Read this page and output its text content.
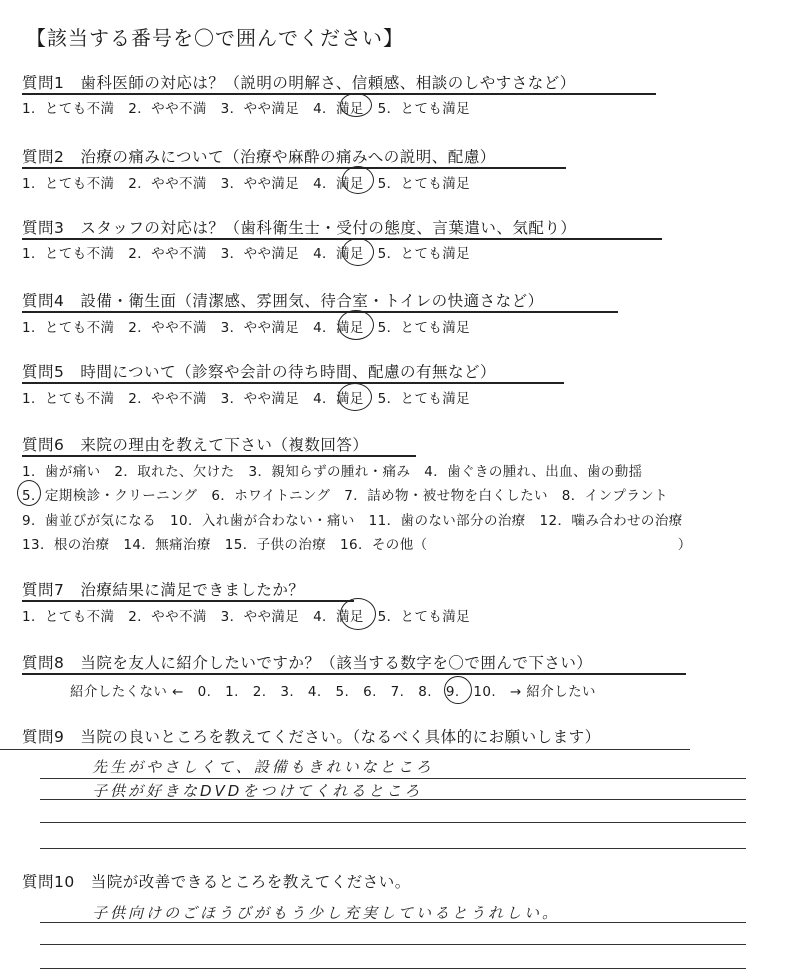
【該当する番号を〇で囲んでください】
質問1　歯科医師の対応は？（説明の明解さ、信頼感、相談のしやすさなど）
1．とても不満　2．やや不満　3．やや満足　4．満足　5．とても満足
質問2　治療の痛みについて（治療や麻酔の痛みへの説明、配慮）
1．とても不満　2．やや不満　3．やや満足　4．満足　5．とても満足
質問3　スタッフの対応は？（歯科衛生士・受付の態度、言葉遣い、気配り）
1．とても不満　2．やや不満　3．やや満足　4．満足　5．とても満足
質問4　設備・衛生面（清潔感、雰囲気、待合室・トイレの快適さなど）
1．とても不満　2．やや不満　3．やや満足　4．満足　5．とても満足
質問5　時間について（診察や会計の待ち時間、配慮の有無など）
1．とても不満　2．やや不満　3．やや満足　4．満足　5．とても満足
質問6　来院の理由を教えて下さい（複数回答）
1．歯が痛い　2．取れた、欠けた　3．親知らずの腫れ・痛み　4．歯ぐきの腫れ、出血、歯の動揺
5．定期検診・クリーニング　6．ホワイトニング　7．詰め物・被せ物を白くしたい　8．インプラント
9．歯並びが気になる　10．入れ歯が合わない・痛い　11．歯のない部分の治療　12．噛み合わせの治療
13．根の治療　14．無痛治療　15．子供の治療　16．その他（　　　　　　　　　　　　　　　　　　）
質問7　治療結果に満足できましたか？
1．とても不満　2．やや不満　3．やや満足　4．満足　5．とても満足
質問8　当院を友人に紹介したいですか？（該当する数字を〇で囲んで下さい）
紹介したくない ←　0.　1.　2.　3.　4.　5.　6.　7.　8.　9.　10.　→ 紹介したい
質問9　当院の良いところを教えてください。（なるべく具体的にお願いします）
先生がやさしくて、設備もきれいなところ
子供が好きなDVDをつけてくれるところ
質問10　当院が改善できるところを教えてください。
子供向けのごほうびがもう少し充実しているとうれしい。
